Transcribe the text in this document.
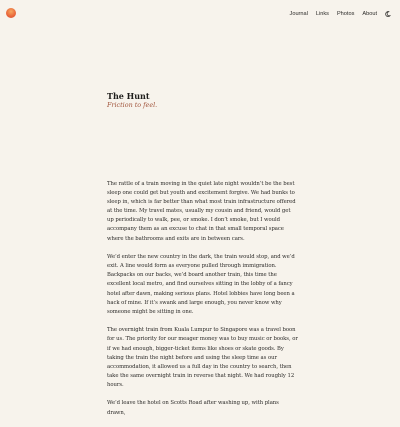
Journal Links Photos About
The Hunt

Friction to feel.

The rattle of a train moving in the quiet late night wouldn’t be the best sleep one could get but youth and excitement forgive. We had bunks to sleep in, which is far better than what most train infrastructure offered at the time. My travel mates, usually my cousin and friend, would get up periodically to walk, pee, or smoke. I don’t smoke, but I would accompany them as an excuse to chat in that small temporal space where the bathrooms and exits are in between cars.

We’d enter the new country in the dark, the train would stop, and we’d exit. A line would form as everyone pulled through immigration. Backpacks on our backs, we’d board another train, this time the excellent local metro, and find ourselves sitting in the lobby of a fancy hotel after dawn, making serious plans. Hotel lobbies have long been a hack of mine. If it’s swank and large enough, you never know why someone might be sitting in one.

The overnight train from Kuala Lumpur to Singapore was a travel boon for us. The priority for our meager money was to buy music or books, or if we had enough, bigger-ticket items like shoes or skate goods. By taking the train the night before and using the sleep time as our accommodation, it allowed us a full day in the country to search, then take the same overnight train in reverse that night. We had roughly 12 hours.

We’d leave the hotel on Scotts Road after washing up, with plans drawn,
